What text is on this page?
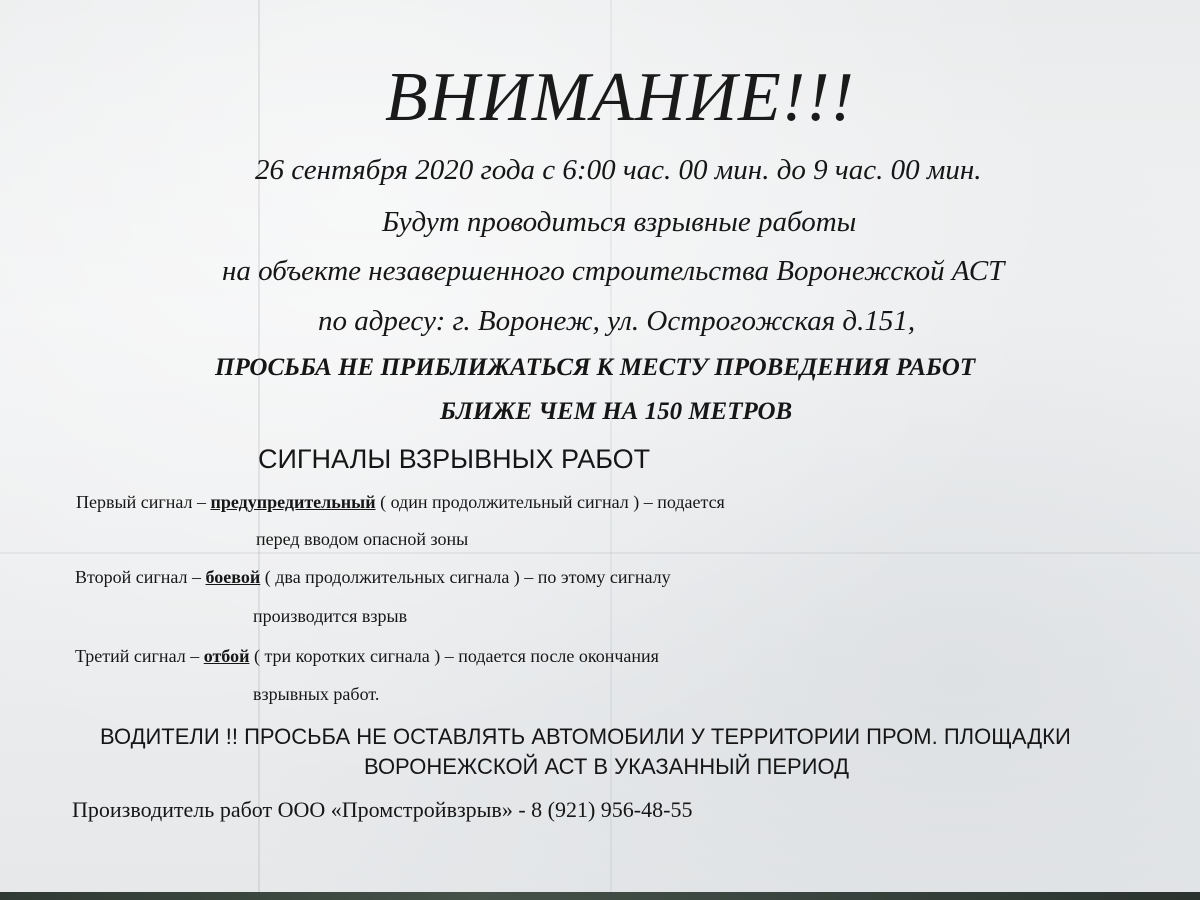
ВНИМАНИЕ!!!
26 сентября 2020 года с 6:00 час. 00 мин. до 9 час. 00 мин.
Будут проводиться взрывные работы
на объекте незавершенного строительства Воронежской АСТ
по адресу: г. Воронеж, ул. Острогожская д.151,
ПРОСЬБА НЕ ПРИБЛИЖАТЬСЯ К МЕСТУ ПРОВЕДЕНИЯ РАБОТ
БЛИЖЕ ЧЕМ НА 150 МЕТРОВ
СИГНАЛЫ ВЗРЫВНЫХ РАБОТ
Первый сигнал – предупредительный ( один продолжительный сигнал ) – подается
перед вводом опасной зоны
Второй сигнал – боевой ( два продолжительных сигнала ) – по этому сигналу
производится взрыв
Третий сигнал – отбой ( три коротких сигнала ) – подается после окончания
взрывных работ.
ВОДИТЕЛИ !! ПРОСЬБА НЕ ОСТАВЛЯТЬ АВТОМОБИЛИ У ТЕРРИТОРИИ ПРОМ. ПЛОЩАДКИ
ВОРОНЕЖСКОЙ АСТ В УКАЗАННЫЙ ПЕРИОД
Производитель работ ООО «Промстройвзрыв» - 8 (921) 956-48-55
